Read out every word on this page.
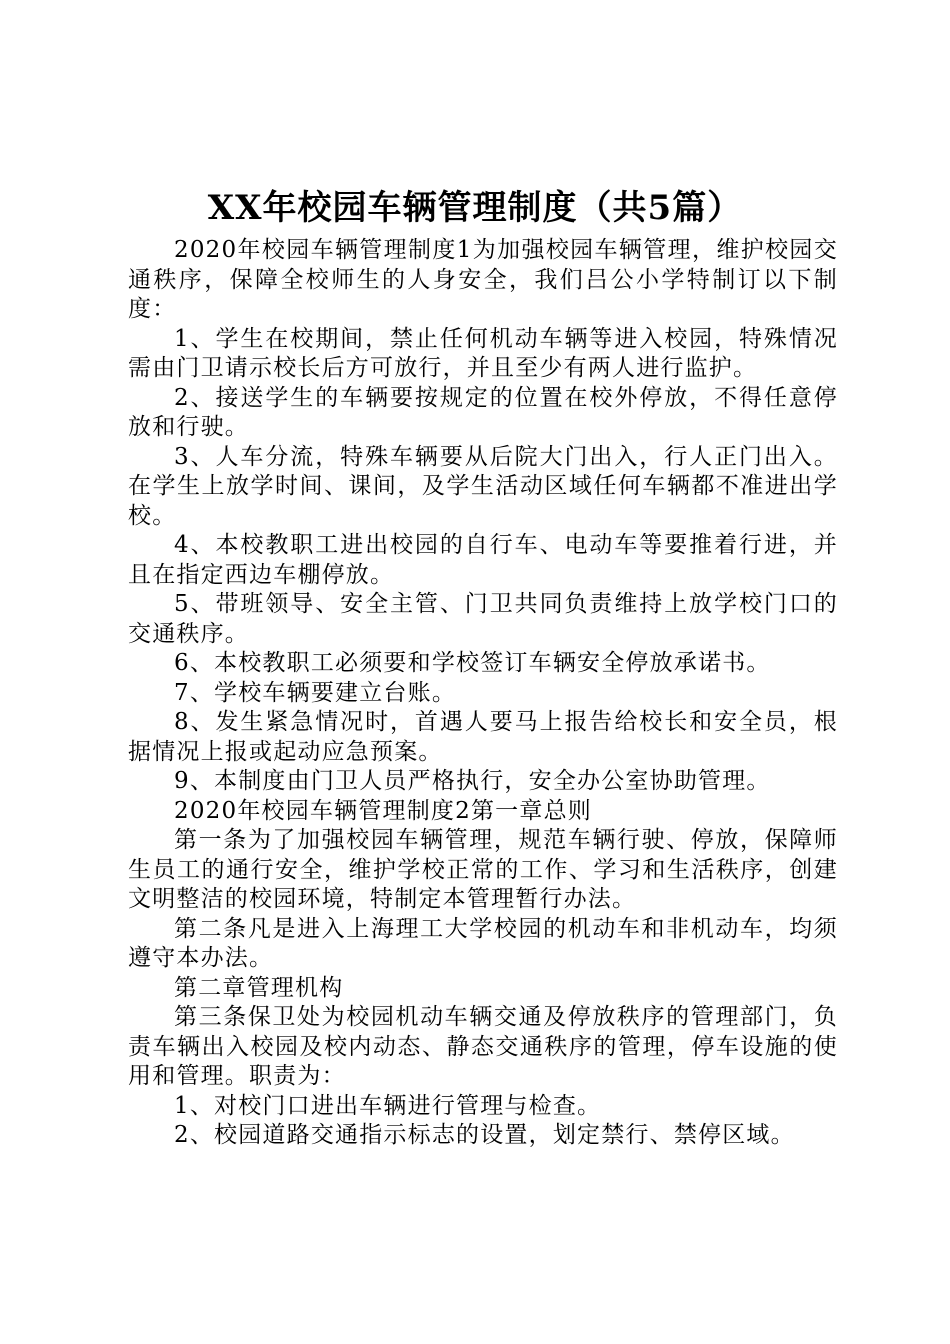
XX年校园车辆管理制度（共5篇）

2020年校园车辆管理制度1为加强校园车辆管理，维护校园交通秩序，保障全校师生的人身安全，我们吕公小学特制订以下制度：

1、学生在校期间，禁止任何机动车辆等进入校园，特殊情况需由门卫请示校长后方可放行，并且至少有两人进行监护。

2、接送学生的车辆要按规定的位置在校外停放，不得任意停放和行驶。

3、人车分流，特殊车辆要从后院大门出入，行人正门出入。在学生上放学时间、课间，及学生活动区域任何车辆都不准进出学校。

4、本校教职工进出校园的自行车、电动车等要推着行进，并且在指定西边车棚停放。

5、带班领导、安全主管、门卫共同负责维持上放学校门口的交通秩序。

6、本校教职工必须要和学校签订车辆安全停放承诺书。

7、学校车辆要建立台账。

8、发生紧急情况时，首遇人要马上报告给校长和安全员，根据情况上报或起动应急预案。

9、本制度由门卫人员严格执行，安全办公室协助管理。

2020年校园车辆管理制度2第一章总则

第一条为了加强校园车辆管理，规范车辆行驶、停放，保障师生员工的通行安全，维护学校正常的工作、学习和生活秩序，创建文明整洁的校园环境，特制定本管理暂行办法。

第二条凡是进入上海理工大学校园的机动车和非机动车，均须遵守本办法。

第二章管理机构

第三条保卫处为校园机动车辆交通及停放秩序的管理部门，负责车辆出入校园及校内动态、静态交通秩序的管理，停车设施的使用和管理。职责为：

1、对校门口进出车辆进行管理与检查。

2、校园道路交通指示标志的设置，划定禁行、禁停区域。
